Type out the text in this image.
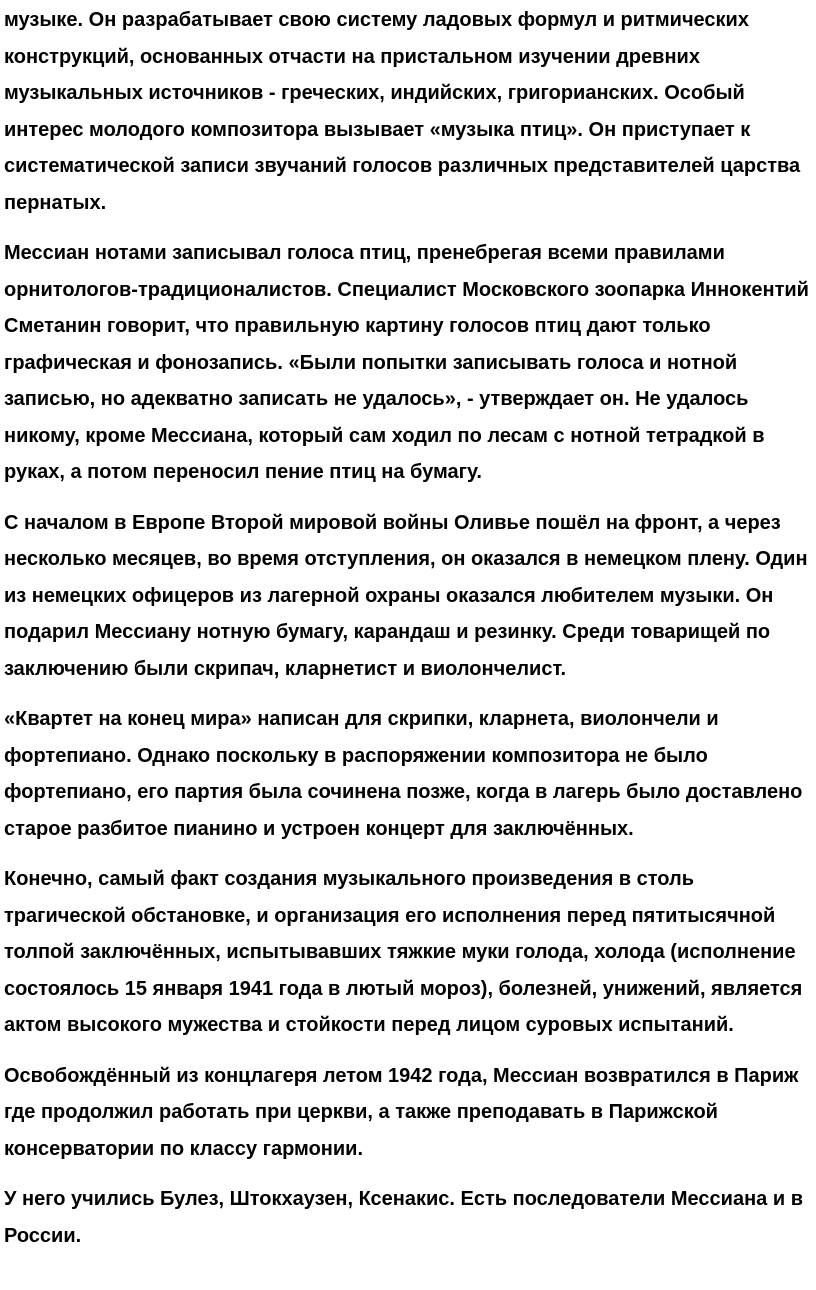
музыке. Он разрабатывает свою систему ладовых формул и ритмических конструкций, основанных отчасти на пристальном изучении древних музыкальных источников - греческих, индийских, григорианских. Особый интерес молодого композитора вызывает «музыка птиц». Он приступает к систематической записи звучаний голосов различных представителей царства пернатых.

Мессиан нотами записывал голоса птиц, пренебрегая всеми правилами орнитологов-традиционалистов. Специалист Московского зоопарка Иннокентий Сметанин говорит, что правильную картину голосов птиц дают только графическая и фонозапись. «Были попытки записывать голоса и нотной записью, но адекватно записать не удалось», - утверждает он. Не удалось никому, кроме Мессиана, который сам ходил по лесам с нотной тетрадкой в руках, а потом переносил пение птиц на бумагу.

С началом в Европе Второй мировой войны Оливье пошёл на фронт, а через несколько месяцев, во время отступления, он оказался в немецком плену. Один из немецких офицеров из лагерной охраны оказался любителем музыки. Он подарил Мессиану нотную бумагу, карандаш и резинку. Среди товарищей по заключению были скрипач, кларнетист и виолончелист.

«Квартет на конец мира» написан для скрипки, кларнета, виолончели и фортепиано. Однако поскольку в распоряжении композитора не было фортепиано, его партия была сочинена позже, когда в лагерь было доставлено старое разбитое пианино и устроен концерт для заключённых.

Конечно, самый факт создания музыкального произведения в столь трагической обстановке, и организация его исполнения перед пятитысячной толпой заключённых, испытывавших тяжкие муки голода, холода (исполнение состоялось 15 января 1941 года в лютый мороз), болезней, унижений, является актом высокого мужества и стойкости перед лицом суровых испытаний.

Освобождённый из концлагеря летом 1942 года, Мессиан возвратился в Париж где продолжил работать при церкви, а также преподавать в Парижской консерватории по классу гармонии.

У него учились Булез, Штокхаузен, Ксенакис. Есть последователи Мессиана и в России.
